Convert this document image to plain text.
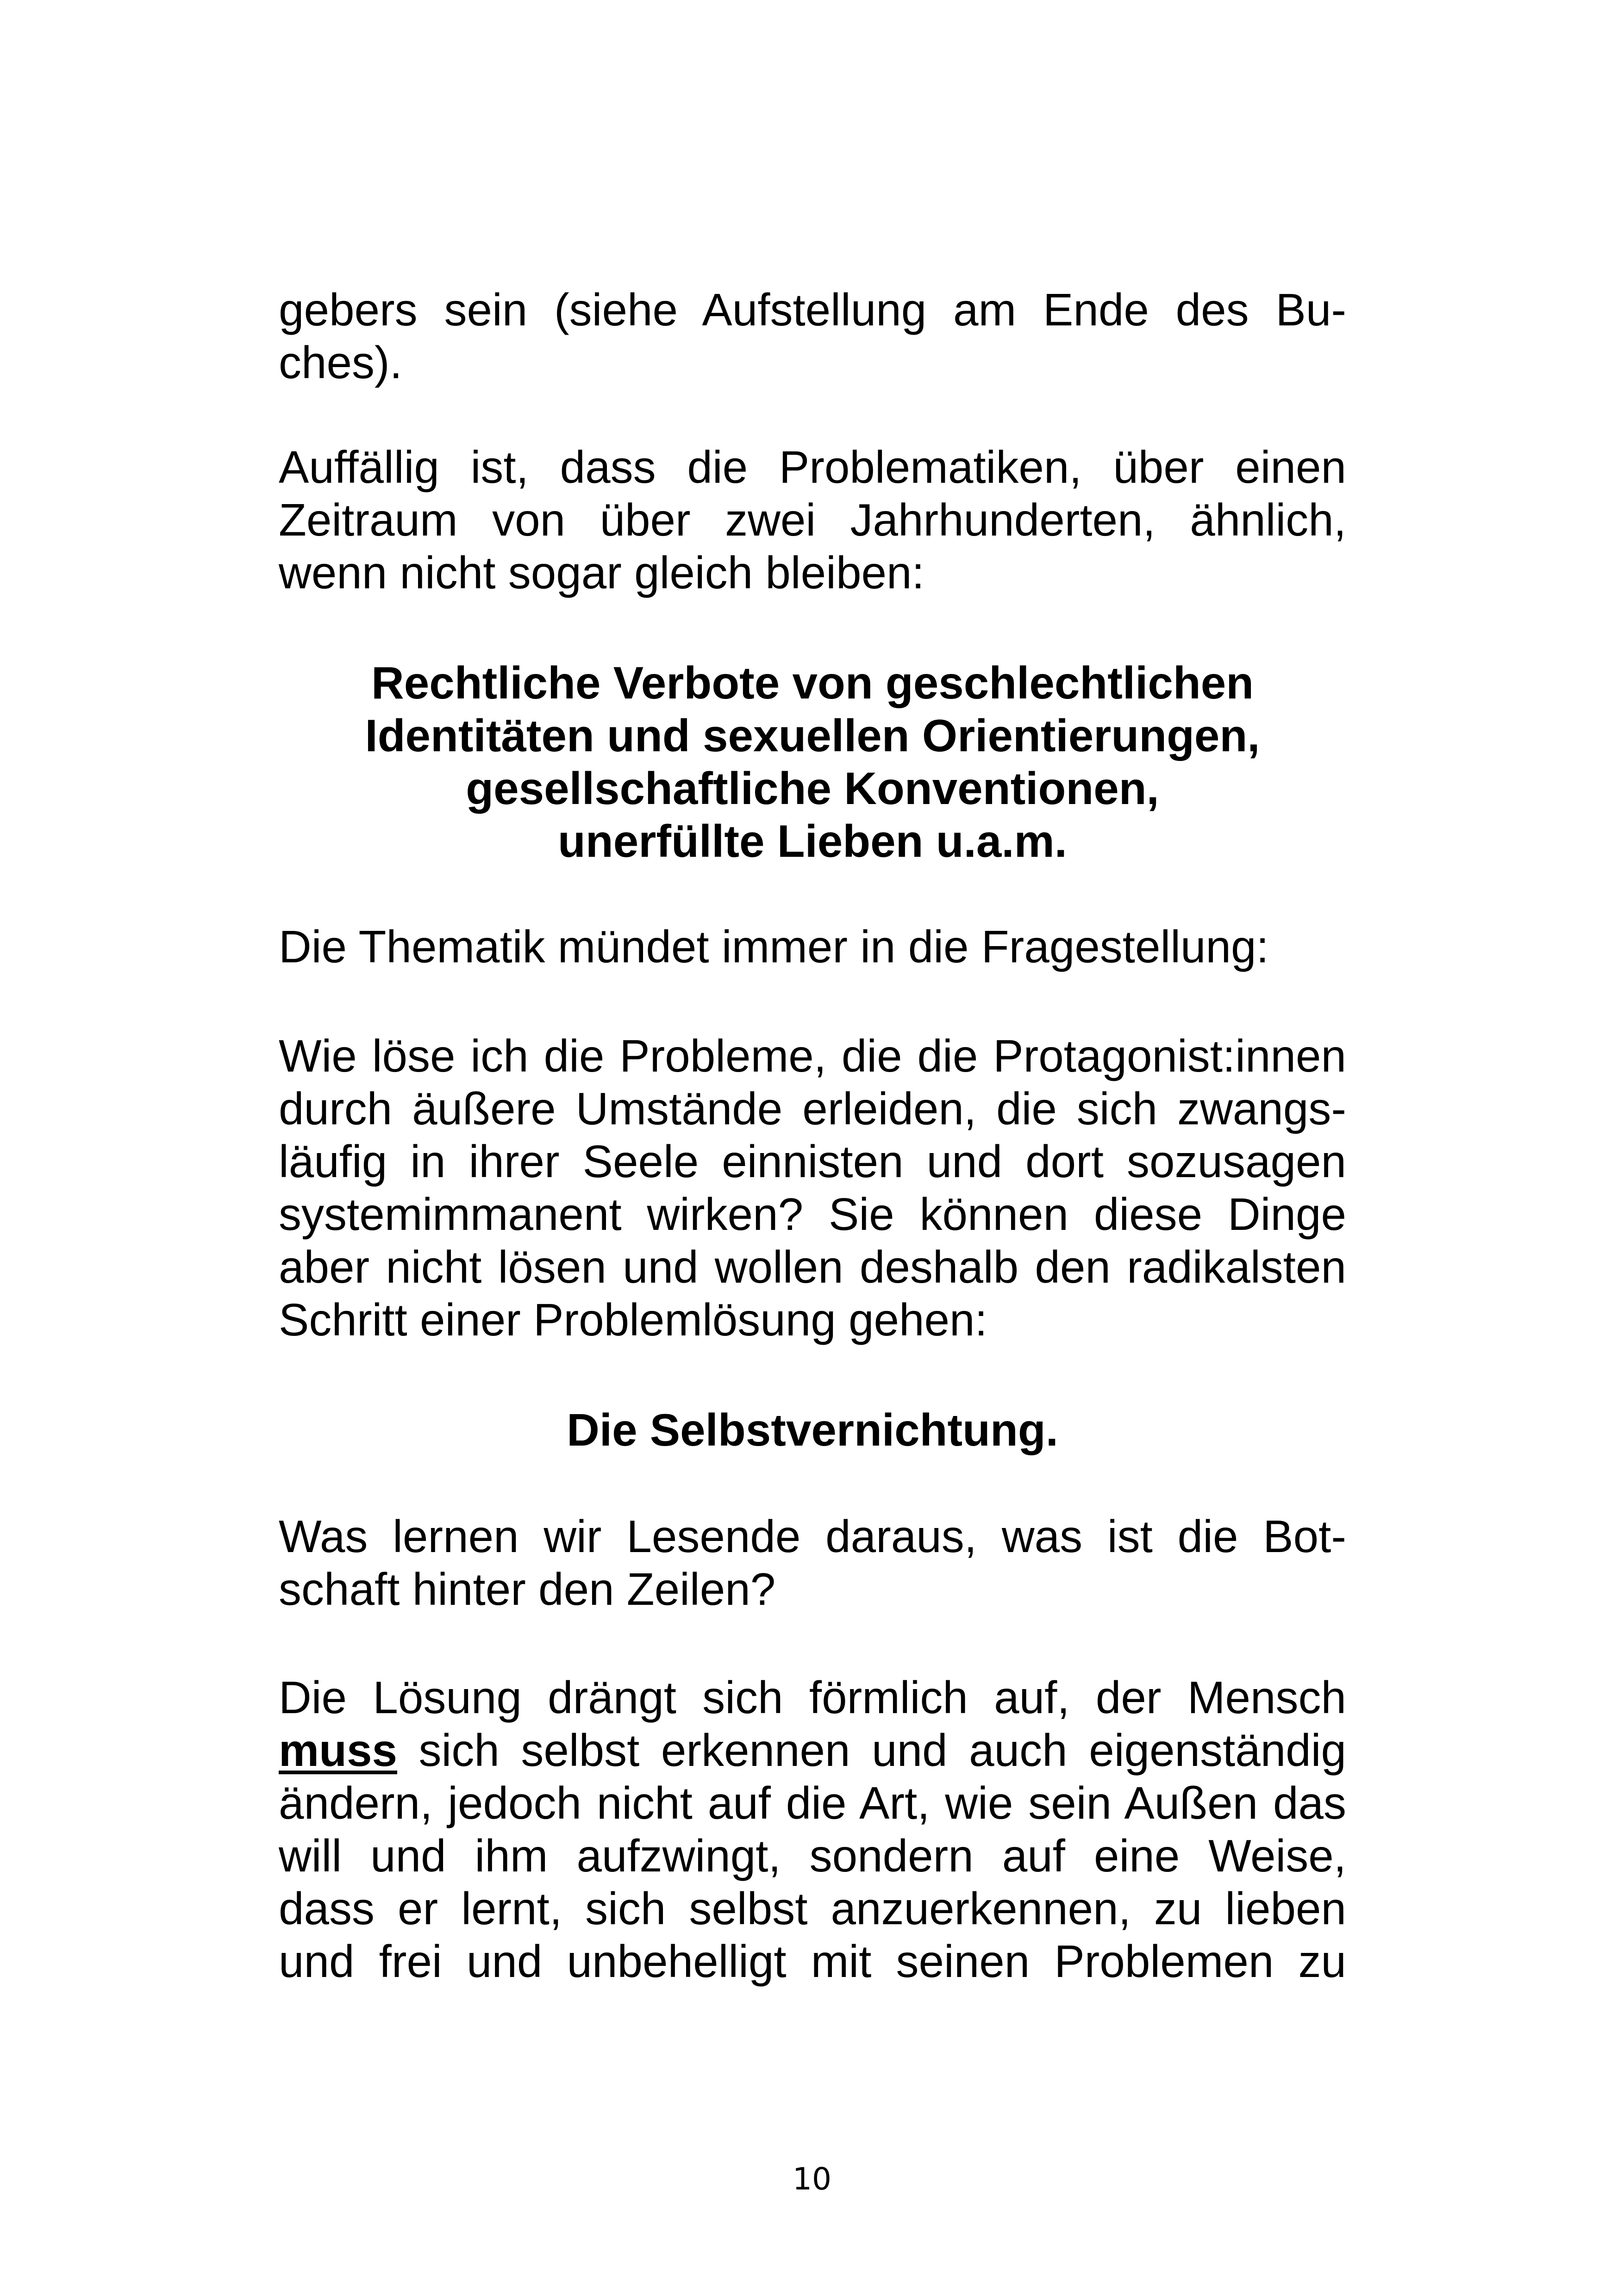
gebers sein (siehe Aufstellung am Ende des Bu-
ches).
Auffällig ist, dass die Problematiken, über einen
Zeitraum von über zwei Jahrhunderten, ähnlich,
wenn nicht sogar gleich bleiben:
Rechtliche Verbote von geschlechtlichen
Identitäten und sexuellen Orientierungen,
gesellschaftliche Konventionen,
unerfüllte Lieben u.a.m.
Die Thematik mündet immer in die Fragestellung:
Wie löse ich die Probleme, die die Protagonist:innen
durch äußere Umstände erleiden, die sich zwangs-
läufig in ihrer Seele einnisten und dort sozusagen
systemimmanent wirken? Sie können diese Dinge
aber nicht lösen und wollen deshalb den radikalsten
Schritt einer Problemlösung gehen:
Die Selbstvernichtung.
Was lernen wir Lesende daraus, was ist die Bot-
schaft hinter den Zeilen?
Die Lösung drängt sich förmlich auf, der Mensch
muss sich selbst erkennen und auch eigenständig
ändern, jedoch nicht auf die Art, wie sein Außen das
will und ihm aufzwingt, sondern auf eine Weise,
dass er lernt, sich selbst anzuerkennen, zu lieben
und frei und unbehelligt mit seinen Problemen zu
10
